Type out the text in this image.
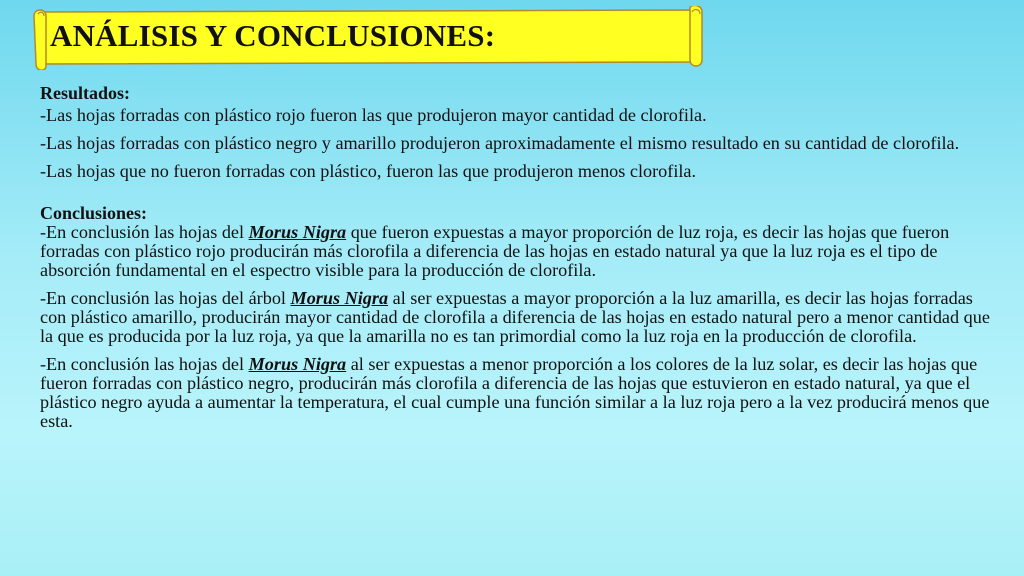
ANÁLISIS Y CONCLUSIONES:
Resultados:
-Las hojas forradas con plástico rojo fueron las que produjeron mayor cantidad de clorofila.
-Las hojas forradas con plástico negro y amarillo produjeron aproximadamente el mismo resultado en su cantidad de clorofila.
-Las hojas que no fueron forradas con plástico, fueron las que produjeron menos clorofila.
Conclusiones:
-En conclusión las hojas del Morus Nigra que fueron expuestas a mayor proporción de luz roja, es decir las hojas que fueron forradas con plástico rojo producirán más clorofila a diferencia de las hojas en estado natural ya que la luz roja es el tipo de absorción fundamental en el espectro visible para la producción de clorofila.
-En conclusión las hojas del árbol Morus Nigra al ser expuestas a mayor proporción a la luz amarilla, es decir las hojas forradas con plástico amarillo, producirán mayor cantidad de clorofila a diferencia de las hojas en estado natural pero a menor cantidad que la que es producida por la luz roja, ya que la amarilla no es tan primordial como la luz roja en la producción de clorofila.
-En conclusión las hojas del Morus Nigra al ser expuestas a menor proporción a los colores de la luz solar, es decir las hojas que fueron forradas con plástico negro, producirán más clorofila a diferencia de las hojas que estuvieron en estado natural, ya que el plástico negro ayuda a aumentar la temperatura, el cual cumple una función similar a la luz roja pero a la vez producirá menos que esta.
